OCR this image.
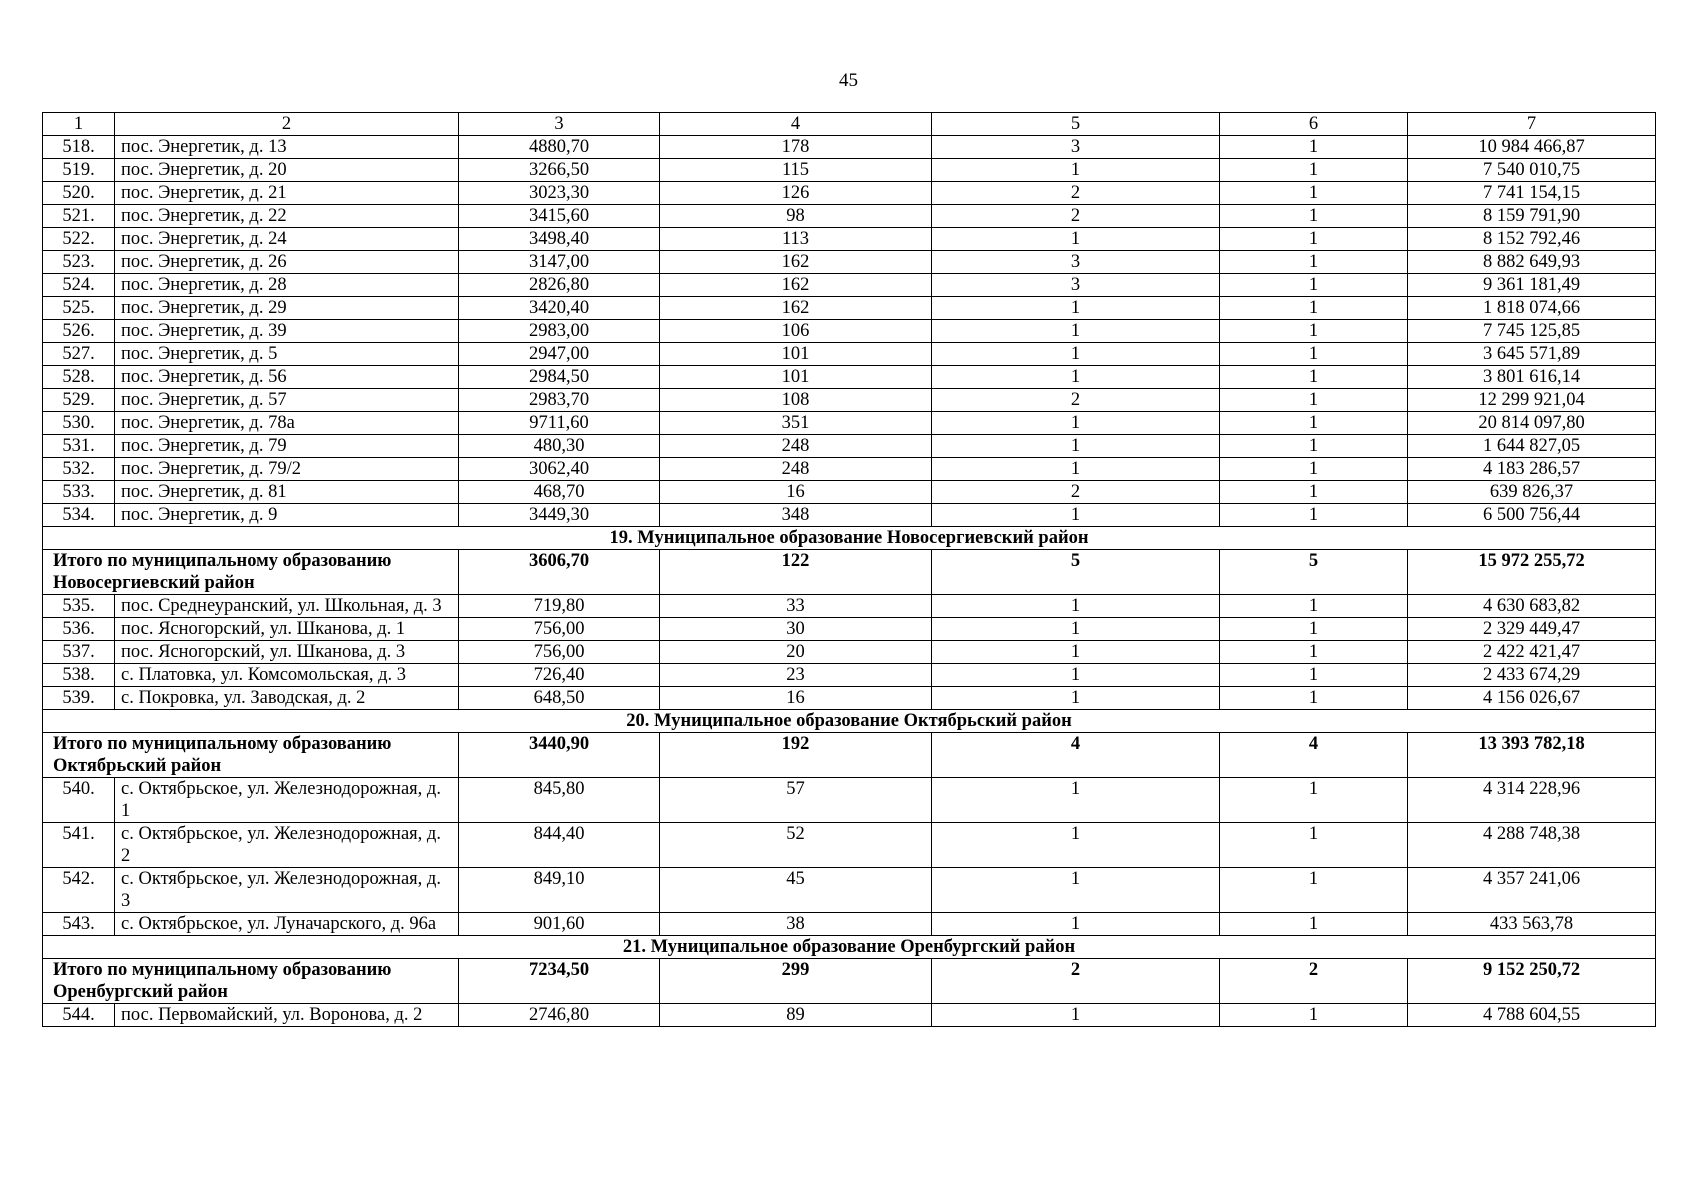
45
1	2	3	4	5	6	7
518.	пос. Энергетик, д. 13	4880,70	178	3	1	10 984 466,87
519.	пос. Энергетик, д. 20	3266,50	115	1	1	7 540 010,75
520.	пос. Энергетик, д. 21	3023,30	126	2	1	7 741 154,15
521.	пос. Энергетик, д. 22	3415,60	98	2	1	8 159 791,90
522.	пос. Энергетик, д. 24	3498,40	113	1	1	8 152 792,46
523.	пос. Энергетик, д. 26	3147,00	162	3	1	8 882 649,93
524.	пос. Энергетик, д. 28	2826,80	162	3	1	9 361 181,49
525.	пос. Энергетик, д. 29	3420,40	162	1	1	1 818 074,66
526.	пос. Энергетик, д. 39	2983,00	106	1	1	7 745 125,85
527.	пос. Энергетик, д. 5	2947,00	101	1	1	3 645 571,89
528.	пос. Энергетик, д. 56	2984,50	101	1	1	3 801 616,14
529.	пос. Энергетик, д. 57	2983,70	108	2	1	12 299 921,04
530.	пос. Энергетик, д. 78а	9711,60	351	1	1	20 814 097,80
531.	пос. Энергетик, д. 79	480,30	248	1	1	1 644 827,05
532.	пос. Энергетик, д. 79/2	3062,40	248	1	1	4 183 286,57
533.	пос. Энергетик, д. 81	468,70	16	2	1	639 826,37
534.	пос. Энергетик, д. 9	3449,30	348	1	1	6 500 756,44
19. Муниципальное образование Новосергиевский район						
Итого по муниципальному образованию Новосергиевский район		3606,70	122	5	5	15 972 255,72
535.	пос. Среднеуранский, ул. Школьная, д. 3	719,80	33	1	1	4 630 683,82
536.	пос. Ясногорский, ул. Шканова, д. 1	756,00	30	1	1	2 329 449,47
537.	пос. Ясногорский, ул. Шканова, д. 3	756,00	20	1	1	2 422 421,47
538.	с. Платовка, ул. Комсомольская, д. 3	726,40	23	1	1	2 433 674,29
539.	с. Покровка, ул. Заводская, д. 2	648,50	16	1	1	4 156 026,67
20. Муниципальное образование Октябрьский район						
Итого по муниципальному образованию Октябрьский район		3440,90	192	4	4	13 393 782,18
540.	с. Октябрьское, ул. Железнодорожная, д. 1	845,80	57	1	1	4 314 228,96
541.	с. Октябрьское, ул. Железнодорожная, д. 2	844,40	52	1	1	4 288 748,38
542.	с. Октябрьское, ул. Железнодорожная, д. 3	849,10	45	1	1	4 357 241,06
543.	с. Октябрьское, ул. Луначарского, д. 96а	901,60	38	1	1	433 563,78
21. Муниципальное образование Оренбургский район						
Итого по муниципальному образованию Оренбургский район		7234,50	299	2	2	9 152 250,72
544.	пос. Первомайский, ул. Воронова, д. 2	2746,80	89	1	1	4 788 604,55
